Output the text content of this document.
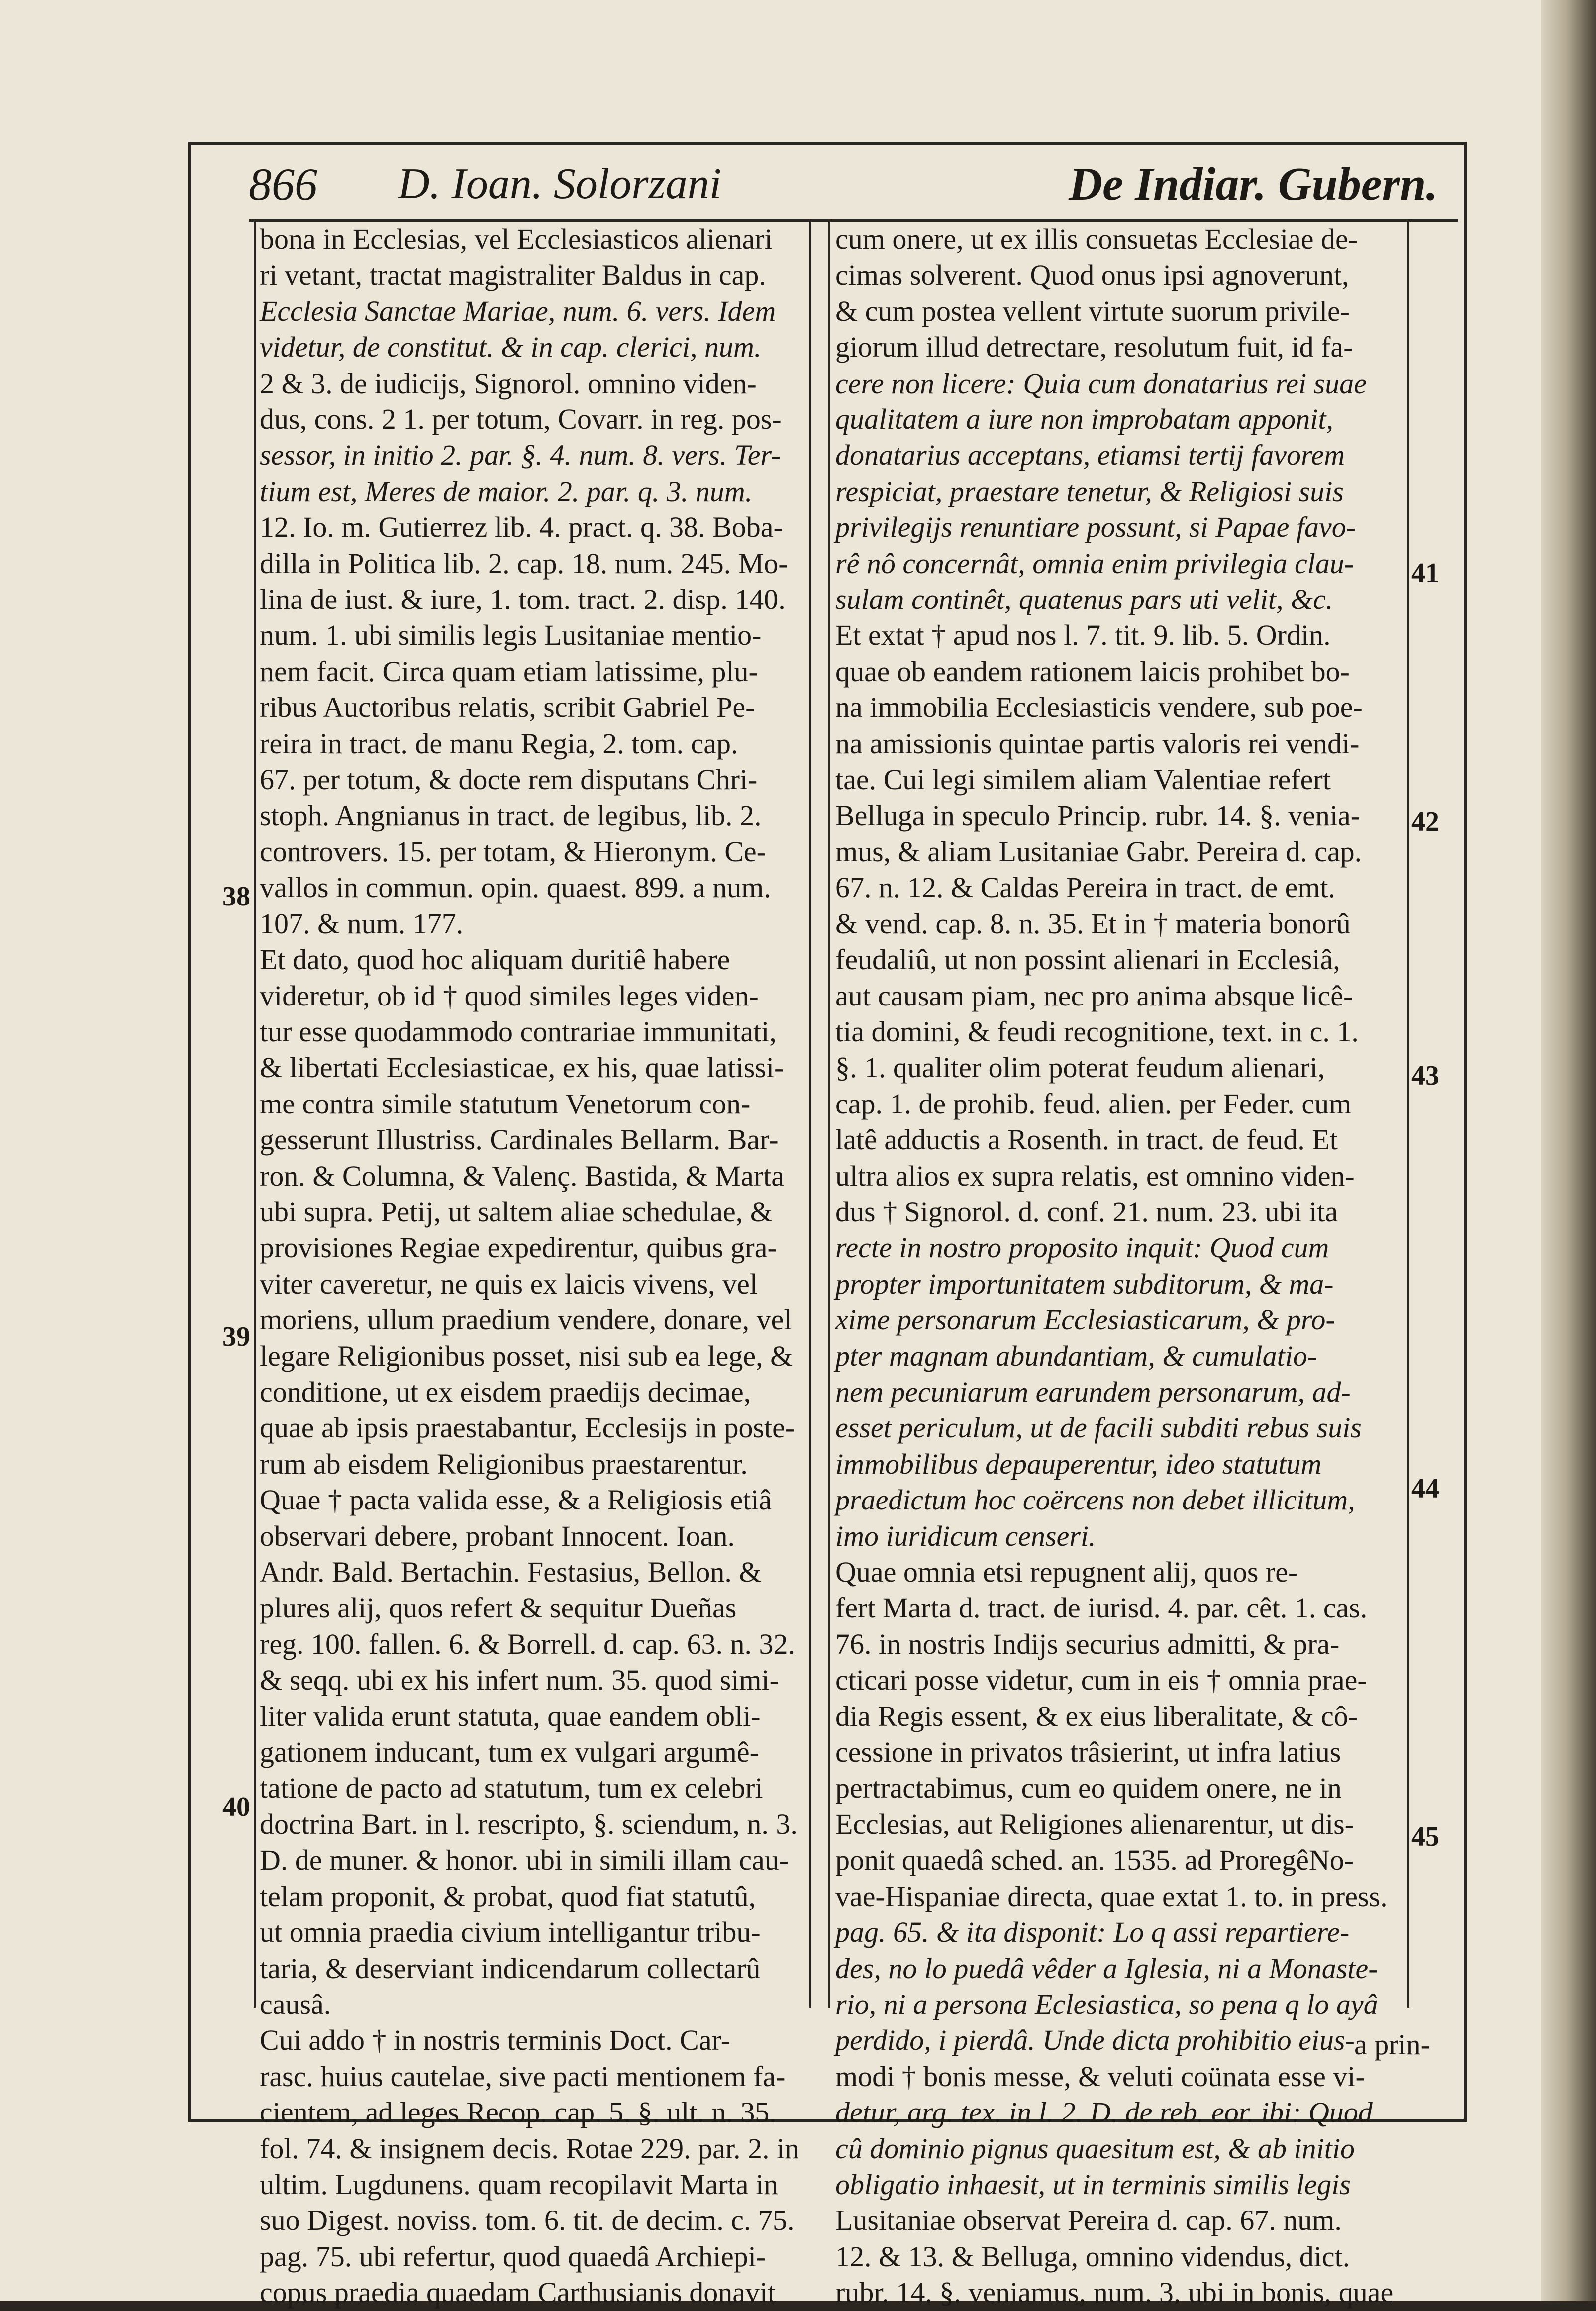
866 D. Ioan. Solorzani	De Indiar. Gubern.
bona in Ecclesias, vel Ecclesiasticos alienari
ri vetant, tractat magistraliter Baldus in cap.
Ecclesia Sanctae Mariae, num. 6. vers. Idem
videtur, de constitut. & in cap. clerici, num.
2 & 3. de iudicijs, Signorol. omnino viden-
dus, cons. 2 1. per totum, Covarr. in reg. pos-
sessor, in initio 2. par. §. 4. num. 8. vers. Ter-
tium est, Meres de maior. 2. par. q. 3. num.
12. Io. m. Gutierrez lib. 4. pract. q. 38. Boba-
dilla in Politica lib. 2. cap. 18. num. 245. Mo-
lina de iust. & iure, 1. tom. tract. 2. disp. 140.
num. 1. ubi similis legis Lusitaniae mentio-
nem facit. Circa quam etiam latissime, plu-
ribus Auctoribus relatis, scribit Gabriel Pe-
reira in tract. de manu Regia, 2. tom. cap.
67. per totum, & docte rem disputans Chri-
stoph. Angnianus in tract. de legibus, lib. 2.
controvers. 15. per totam, & Hieronym. Ce-
vallos in commun. opin. quaest. 899. a num.
107. & num. 177.
Et dato, quod hoc aliquam duritiê habere
videretur, ob id † quod similes leges viden-
tur esse quodammodo contrariae immunitati,
& libertati Ecclesiasticae, ex his, quae latissi-
me contra simile statutum Venetorum con-
gesserunt Illustriss. Cardinales Bellarm. Bar-
ron. & Columna, & Valenç. Bastida, & Marta
ubi supra. Petij, ut saltem aliae schedulae, &
provisiones Regiae expedirentur, quibus gra-
viter caveretur, ne quis ex laicis vivens, vel
moriens, ullum praedium vendere, donare, vel
legare Religionibus posset, nisi sub ea lege, &
conditione, ut ex eisdem praedijs decimae,
quae ab ipsis praestabantur, Ecclesijs in poste-
rum ab eisdem Religionibus praestarentur.
Quae † pacta valida esse, & a Religiosis etiâ
observari debere, probant Innocent. Ioan.
Andr. Bald. Bertachin. Festasius, Bellon. &
plures alij, quos refert & sequitur Dueñas
reg. 100. fallen. 6. & Borrell. d. cap. 63. n. 32.
& seqq. ubi ex his infert num. 35. quod simi-
liter valida erunt statuta, quae eandem obli-
gationem inducant, tum ex vulgari argumê-
tatione de pacto ad statutum, tum ex celebri
doctrina Bart. in l. rescripto, §. sciendum, n. 3.
D. de muner. & honor. ubi in simili illam cau-
telam proponit, & probat, quod fiat statutû,
ut omnia praedia civium intelligantur tribu-
taria, & deserviant indicendarum collectarû
causâ.
Cui addo † in nostris terminis Doct. Car-
rasc. huius cautelae, sive pacti mentionem fa-
cientem, ad leges Recop. cap. 5. §. ult. n. 35.
fol. 74. & insignem decis. Rotae 229. par. 2. in
ultim. Lugdunens. quam recopilavit Marta in
suo Digest. noviss. tom. 6. tit. de decim. c. 75.
pag. 75. ubi refertur, quod quaedâ Archiepi-
copus praedia quaedam Carthusianis donavit
cum onere, ut ex illis consuetas Ecclesiae de-
cimas solverent. Quod onus ipsi agnoverunt,
& cum postea vellent virtute suorum privile-
giorum illud detrectare, resolutum fuit, id fa-
cere non licere: Quia cum donatarius rei suae
qualitatem a iure non improbatam apponit,
donatarius acceptans, etiamsi tertij favorem
respiciat, praestare tenetur, & Religiosi suis
privilegijs renuntiare possunt, si Papae favo-
rê nô concernât, omnia enim privilegia clau-
sulam continêt, quatenus pars uti velit, &c.
Et extat † apud nos l. 7. tit. 9. lib. 5. Ordin.
quae ob eandem rationem laicis prohibet bo-
na immobilia Ecclesiasticis vendere, sub poe-
na amissionis quintae partis valoris rei vendi-
tae. Cui legi similem aliam Valentiae refert
Belluga in speculo Princip. rubr. 14. §. venia-
mus, & aliam Lusitaniae Gabr. Pereira d. cap.
67. n. 12. & Caldas Pereira in tract. de emt.
& vend. cap. 8. n. 35. Et in † materia bonorû
feudaliû, ut non possint alienari in Ecclesiâ,
aut causam piam, nec pro anima absque licê-
tia domini, & feudi recognitione, text. in c. 1.
§. 1. qualiter olim poterat feudum alienari,
cap. 1. de prohib. feud. alien. per Feder. cum
latê adductis a Rosenth. in tract. de feud. Et
ultra alios ex supra relatis, est omnino viden-
dus † Signorol. d. conf. 21. num. 23. ubi ita
recte in nostro proposito inquit: Quod cum
propter importunitatem subditorum, & ma-
xime personarum Ecclesiasticarum, & pro-
pter magnam abundantiam, & cumulatio-
nem pecuniarum earundem personarum, ad-
esset periculum, ut de facili subditi rebus suis
immobilibus depauperentur, ideo statutum
praedictum hoc coërcens non debet illicitum,
imo iuridicum censeri.
Quae omnia etsi repugnent alij, quos re-
fert Marta d. tract. de iurisd. 4. par. cêt. 1. cas.
76. in nostris Indijs securius admitti, & pra-
cticari posse videtur, cum in eis † omnia prae-
dia Regis essent, & ex eius liberalitate, & cô-
cessione in privatos trâsierint, ut infra latius
pertractabimus, cum eo quidem onere, ne in
Ecclesias, aut Religiones alienarentur, ut dis-
ponit quaedâ sched. an. 1535. ad ProregêNo-
vae-Hispaniae directa, quae extat 1. to. in press.
pag. 65. & ita disponit: Lo q assi repartiere-
des, no lo puedâ vêder a Iglesia, ni a Monaste-
rio, ni a persona Eclesiastica, so pena q lo ayâ
perdido, i pierdâ. Unde dicta prohibitio eius-
modi † bonis messe, & veluti coünata esse vi-
detur, arg. tex. in l. 2. D. de reb. eor. ibi: Quod
cû dominio pignus quaesitum est, & ab initio
obligatio inhaesit, ut in terminis similis legis
Lusitaniae observat Pereira d. cap. 67. num.
12. & 13. & Belluga, omnino videndus, dict.
rubr. 14. §. veniamus, num. 3. ubi in bonis, quae
38
39
40
41
42
43
44
45
a prin-
